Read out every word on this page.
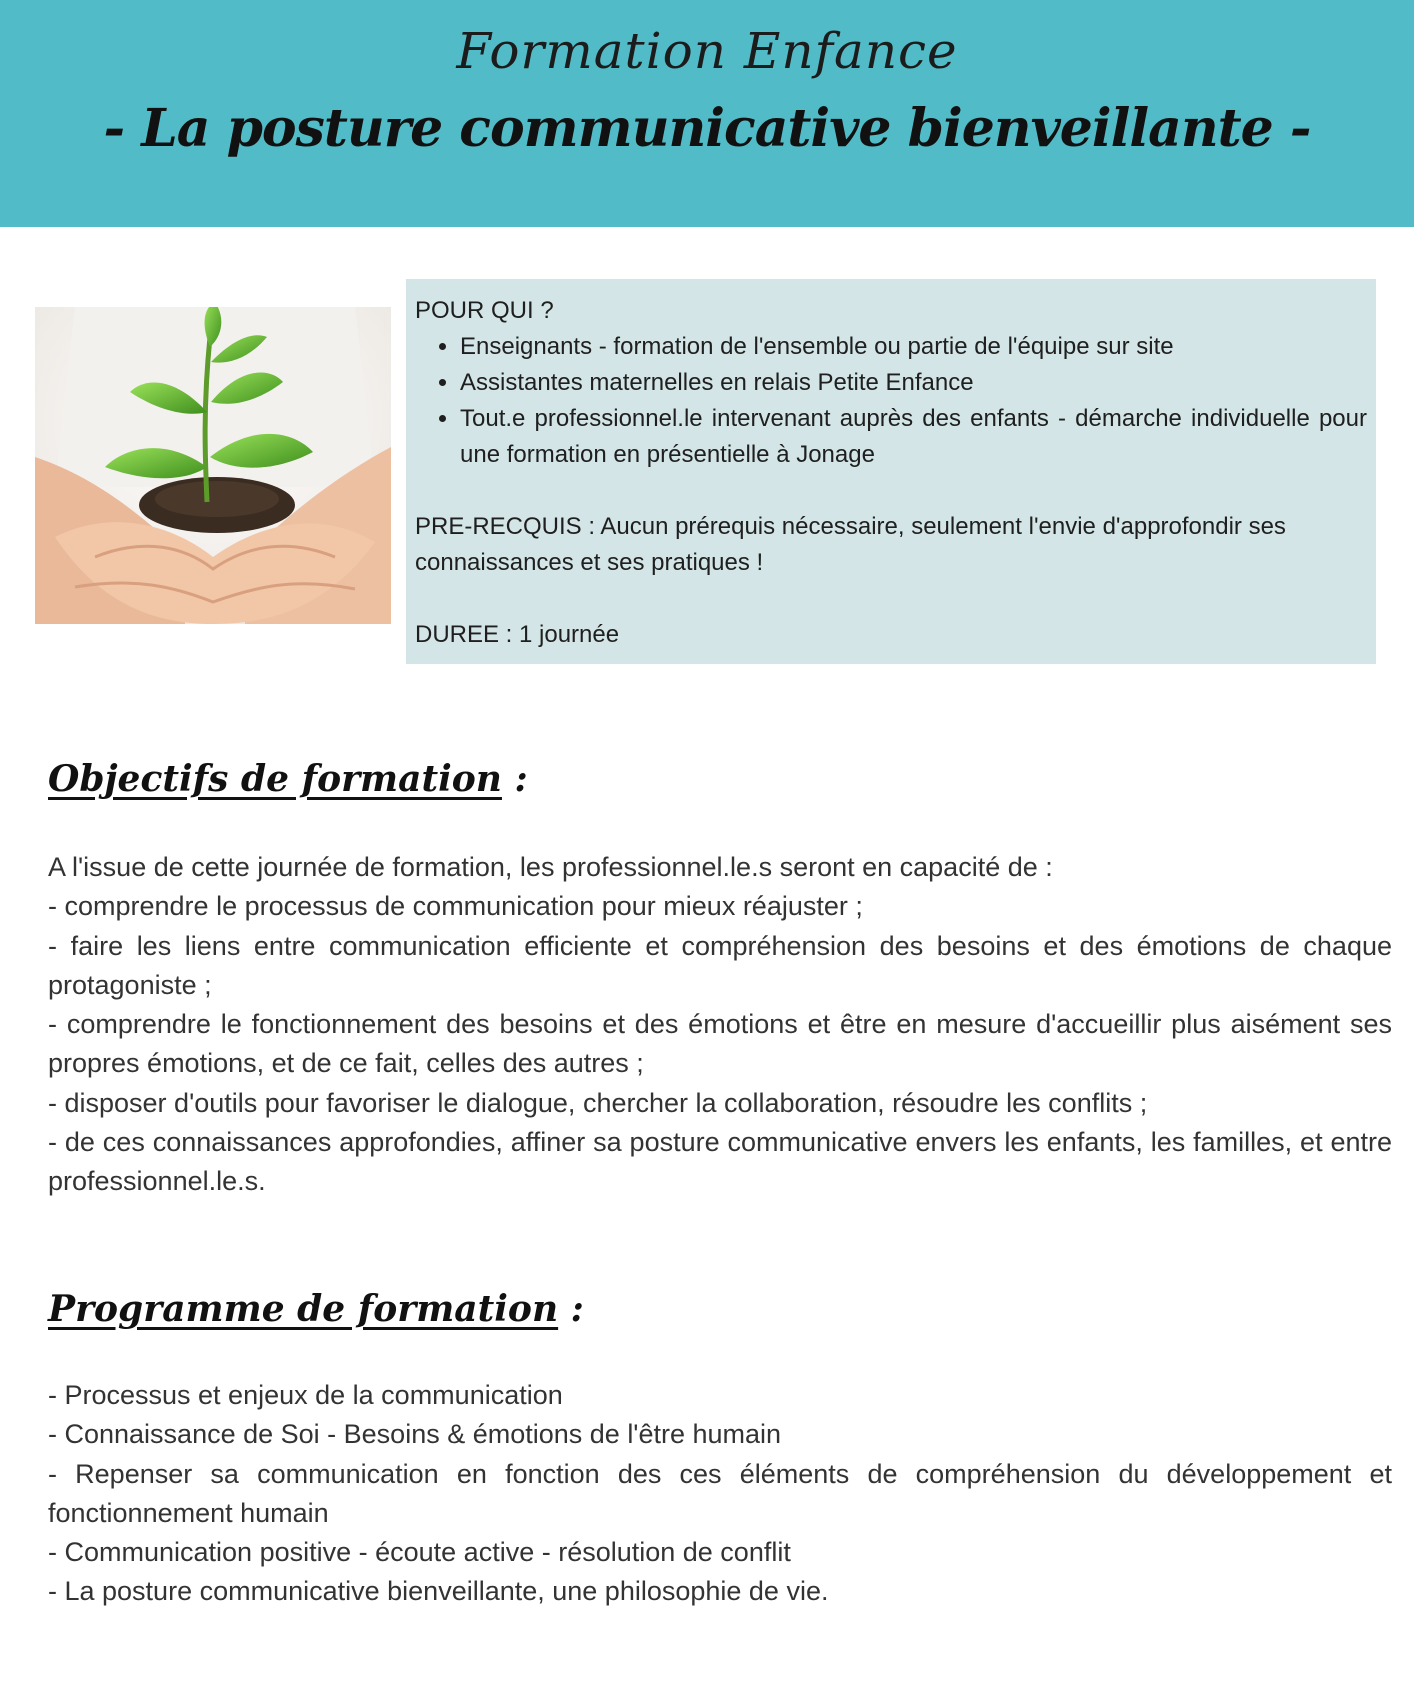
Formation Enfance
- La posture communicative bienveillante -

POUR QUI ?

• Enseignants - formation de l'ensemble ou partie de l'équipe sur site
• Assistantes maternelles en relais Petite Enfance
• Tout.e professionnel.le intervenant auprès des enfants - démarche individuelle pour une formation en présentielle à Jonage

PRE-RECQUIS : Aucun prérequis nécessaire, seulement l'envie d'approfondir ses connaissances et ses pratiques !

DUREE : 1 journée

Objectifs de formation :

A l'issue de cette journée de formation, les professionnel.le.s seront en capacité de :

- comprendre le processus de communication pour mieux réajuster ;

- faire les liens entre communication efficiente et compréhension des besoins et des émotions de chaque protagoniste ;

- comprendre le fonctionnement des besoins et des émotions et être en mesure d'accueillir plus aisément ses propres émotions, et de ce fait, celles des autres ;

- disposer d'outils pour favoriser le dialogue, chercher la collaboration, résoudre les conflits ;

- de ces connaissances approfondies, affiner sa posture communicative envers les enfants, les familles, et entre professionnel.le.s.

Programme de formation :

- Processus et enjeux de la communication

- Connaissance de Soi - Besoins & émotions de l'être humain

- Repenser sa communication en fonction des ces éléments de compréhension du développement et fonctionnement humain

- Communication positive - écoute active - résolution de conflit

- La posture communicative bienveillante, une philosophie de vie.
